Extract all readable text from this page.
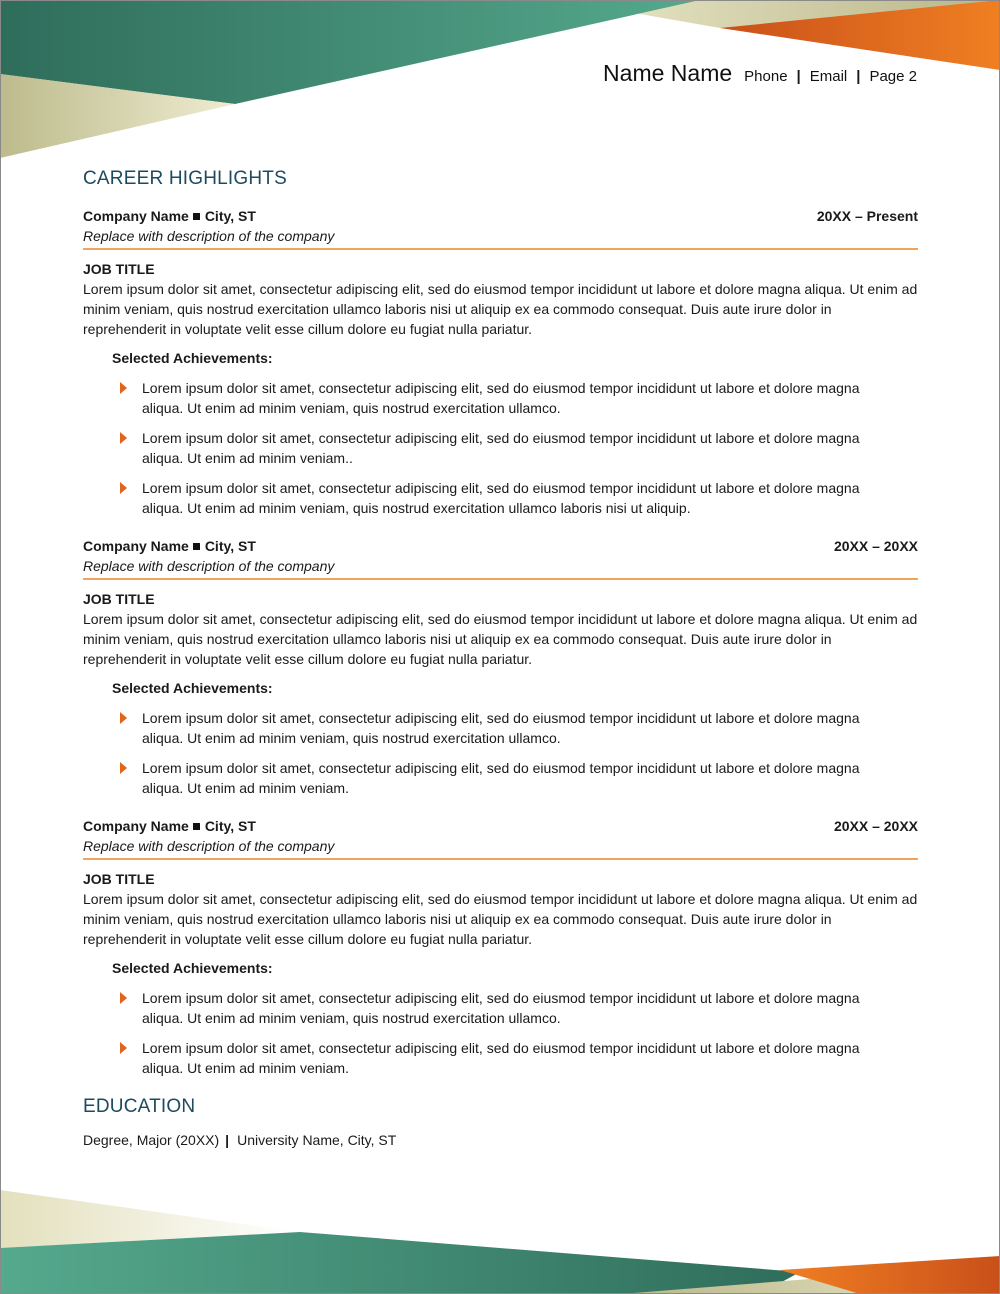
Name Name Phone | Email | Page 2
CAREER HIGHLIGHTS
Company Name City, ST	20XX – Present
Replace with description of the company
JOB TITLE
Lorem ipsum dolor sit amet, consectetur adipiscing elit, sed do eiusmod tempor incididunt ut labore et dolore magna aliqua. Ut enim ad minim veniam, quis nostrud exercitation ullamco laboris nisi ut aliquip ex ea commodo consequat. Duis aute irure dolor in reprehenderit in voluptate velit esse cillum dolore eu fugiat nulla pariatur.
Selected Achievements:
Lorem ipsum dolor sit amet, consectetur adipiscing elit, sed do eiusmod tempor incididunt ut labore et dolore magna aliqua. Ut enim ad minim veniam, quis nostrud exercitation ullamco.
Lorem ipsum dolor sit amet, consectetur adipiscing elit, sed do eiusmod tempor incididunt ut labore et dolore magna aliqua. Ut enim ad minim veniam..
Lorem ipsum dolor sit amet, consectetur adipiscing elit, sed do eiusmod tempor incididunt ut labore et dolore magna aliqua. Ut enim ad minim veniam, quis nostrud exercitation ullamco laboris nisi ut aliquip.
Company Name City, ST	20XX – 20XX
Replace with description of the company
JOB TITLE
Lorem ipsum dolor sit amet, consectetur adipiscing elit, sed do eiusmod tempor incididunt ut labore et dolore magna aliqua. Ut enim ad minim veniam, quis nostrud exercitation ullamco laboris nisi ut aliquip ex ea commodo consequat. Duis aute irure dolor in reprehenderit in voluptate velit esse cillum dolore eu fugiat nulla pariatur.
Selected Achievements:
Lorem ipsum dolor sit amet, consectetur adipiscing elit, sed do eiusmod tempor incididunt ut labore et dolore magna aliqua. Ut enim ad minim veniam, quis nostrud exercitation ullamco.
Lorem ipsum dolor sit amet, consectetur adipiscing elit, sed do eiusmod tempor incididunt ut labore et dolore magna aliqua. Ut enim ad minim veniam.
Company Name City, ST	20XX – 20XX
Replace with description of the company
JOB TITLE
Lorem ipsum dolor sit amet, consectetur adipiscing elit, sed do eiusmod tempor incididunt ut labore et dolore magna aliqua. Ut enim ad minim veniam, quis nostrud exercitation ullamco laboris nisi ut aliquip ex ea commodo consequat. Duis aute irure dolor in reprehenderit in voluptate velit esse cillum dolore eu fugiat nulla pariatur.
Selected Achievements:
Lorem ipsum dolor sit amet, consectetur adipiscing elit, sed do eiusmod tempor incididunt ut labore et dolore magna aliqua. Ut enim ad minim veniam, quis nostrud exercitation ullamco.
Lorem ipsum dolor sit amet, consectetur adipiscing elit, sed do eiusmod tempor incididunt ut labore et dolore magna aliqua. Ut enim ad minim veniam.
EDUCATION
Degree, Major (20XX) | University Name, City, ST
